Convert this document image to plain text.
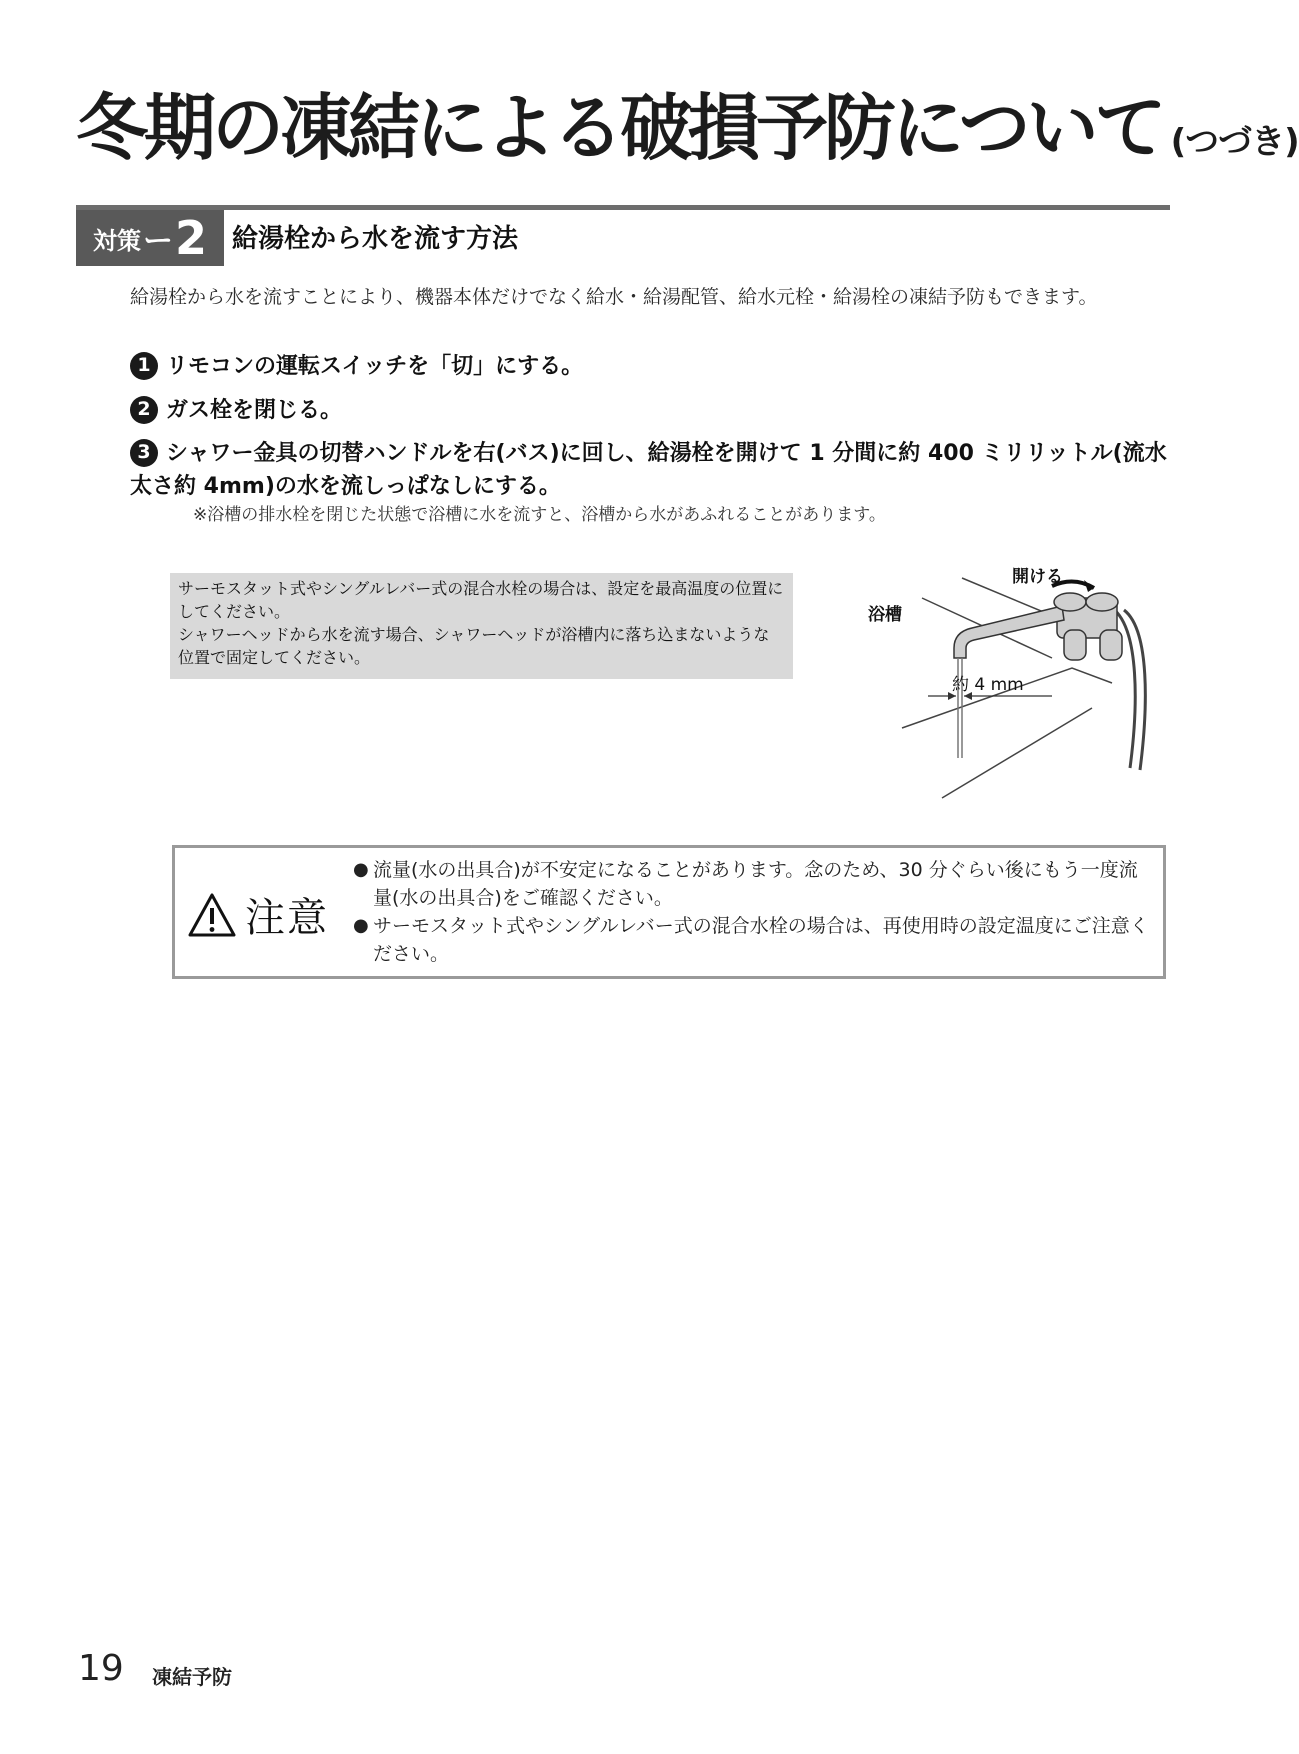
冬期の凍結による破損予防について (つづき)
対策 ー 2 給湯栓から水を流す方法

給湯栓から水を流すことにより、機器本体だけでなく給水・給湯配管、給水元栓・給湯栓の凍結予防もできます。

1 リモコンの運転スイッチを「切」にする。
2 ガス栓を閉じる。
3 シャワー金具の切替ハンドルを右(バス)に回し、給湯栓を開けて 1 分間に約 400 ミリリットル(流水太さ約 4mm)の水を流しっぱなしにする。
※浴槽の排水栓を閉じた状態で浴槽に水を流すと、浴槽から水があふれることがあります。

サーモスタット式やシングルレバー式の混合水栓の場合は、設定を最高温度の位置にしてください。

シャワーヘッドから水を流す場合、シャワーヘッドが浴槽内に落ち込まないような位置で固定してください。

開ける
浴槽
約 4 mm
注意
● 流量(水の出具合)が不安定になることがあります。念のため、30 分ぐらい後にもう一度流量(水の出具合)をご確認ください。
● サーモスタット式やシングルレバー式の混合水栓の場合は、再使用時の設定温度にご注意ください。
19 凍結予防
